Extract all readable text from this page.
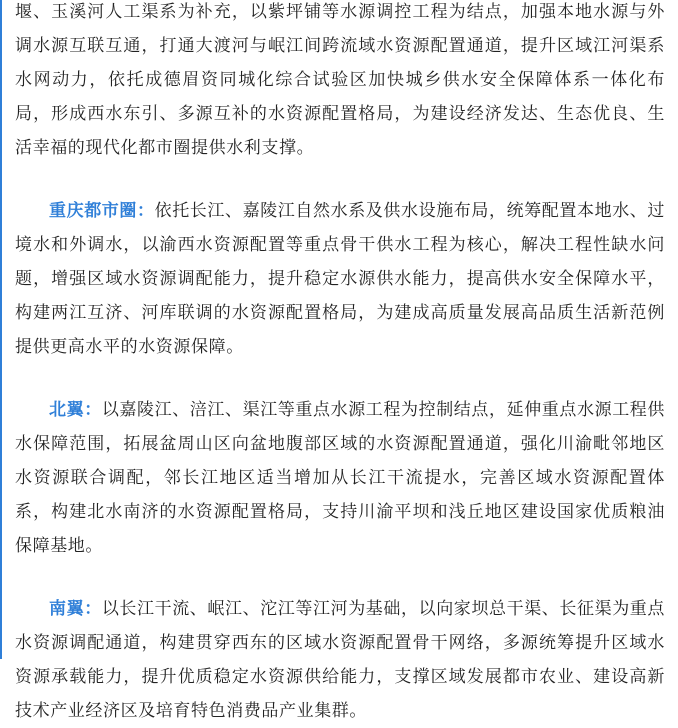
堰、玉溪河人工渠系为补充，以紫坪铺等水源调控工程为结点，加强本地水源与外调水源互联互通，打通大渡河与岷江间跨流域水资源配置通道，提升区域江河渠系水网动力，依托成德眉资同城化综合试验区加快城乡供水安全保障体系一体化布局，形成西水东引、多源互补的水资源配置格局，为建设经济发达、生态优良、生活幸福的现代化都市圈提供水利支撑。

重庆都市圈：依托长江、嘉陵江自然水系及供水设施布局，统筹配置本地水、过境水和外调水，以渝西水资源配置等重点骨干供水工程为核心，解决工程性缺水问题，增强区域水资源调配能力，提升稳定水源供水能力，提高供水安全保障水平，构建两江互济、河库联调的水资源配置格局，为建成高质量发展高品质生活新范例提供更高水平的水资源保障。

北翼：以嘉陵江、涪江、渠江等重点水源工程为控制结点，延伸重点水源工程供水保障范围，拓展盆周山区向盆地腹部区域的水资源配置通道，强化川渝毗邻地区水资源联合调配，邻长江地区适当增加从长江干流提水，完善区域水资源配置体系，构建北水南济的水资源配置格局，支持川渝平坝和浅丘地区建设国家优质粮油保障基地。

南翼：以长江干流、岷江、沱江等江河为基础，以向家坝总干渠、长征渠为重点水资源调配通道，构建贯穿西东的区域水资源配置骨干网络，多源统筹提升区域水资源承载能力，提升优质稳定水资源供给能力，支撑区域发展都市农业、建设高新技术产业经济区及培育特色消费品产业集群。
